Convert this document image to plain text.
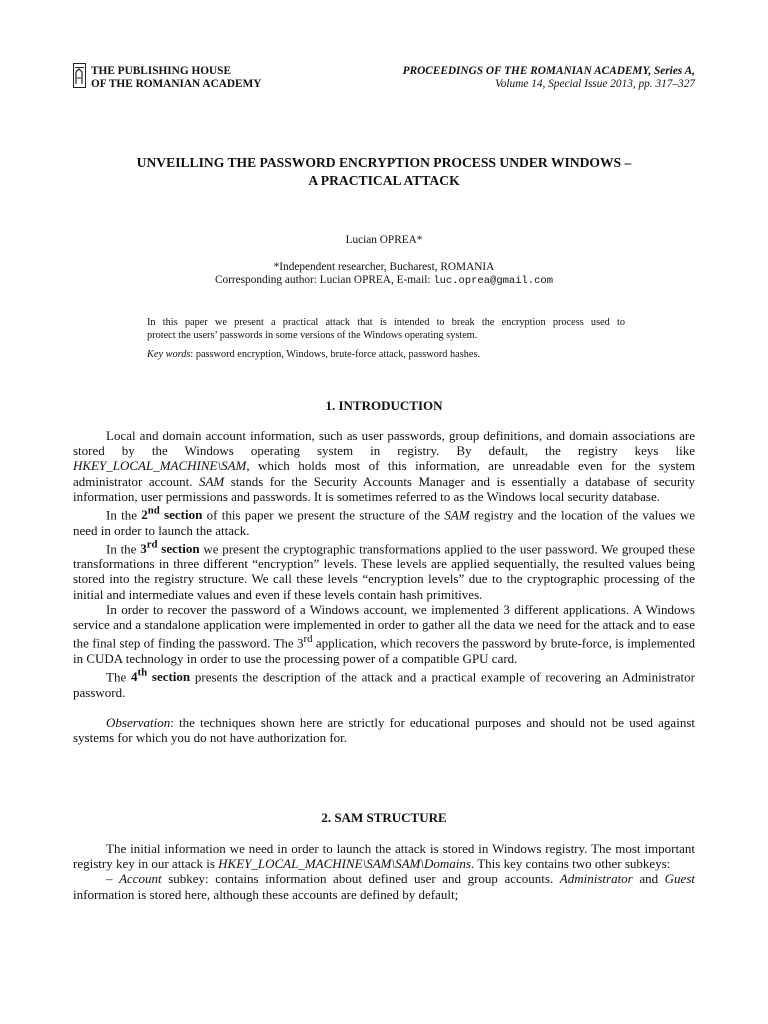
THE PUBLISHING HOUSE
OF THE ROMANIAN ACADEMY
PROCEEDINGS OF THE ROMANIAN ACADEMY, Series A,
Volume 14, Special Issue 2013, pp. 317–327
UNVEILLING THE PASSWORD ENCRYPTION PROCESS UNDER WINDOWS –
A PRACTICAL ATTACK
Lucian OPREA*
*Independent researcher, Bucharest, ROMANIA
Corresponding author: Lucian OPREA, E-mail: luc.oprea@gmail.com
In this paper we present a practical attack that is intended to break the encryption process used to
protect the users’ passwords in some versions of the Windows operating system.
Key words: password encryption, Windows, brute-force attack, password hashes.
1. INTRODUCTION

Local and domain account information, such as user passwords, group definitions, and domain associations are stored by the Windows operating system in registry. By default, the registry keys like HKEY_LOCAL_MACHINE\SAM, which holds most of this information, are unreadable even for the system administrator account. SAM stands for the Security Accounts Manager and is essentially a database of security information, user permissions and passwords. It is sometimes referred to as the Windows local security database.

In the 2nd section of this paper we present the structure of the SAM registry and the location of the values we need in order to launch the attack.

In the 3rd section we present the cryptographic transformations applied to the user password. We grouped these transformations in three different “encryption” levels. These levels are applied sequentially, the resulted values being stored into the registry structure. We call these levels “encryption levels” due to the cryptographic processing of the initial and intermediate values and even if these levels contain hash primitives.

In order to recover the password of a Windows account, we implemented 3 different applications. A Windows service and a standalone application were implemented in order to gather all the data we need for the attack and to ease the final step of finding the password. The 3rd application, which recovers the password by brute-force, is implemented in CUDA technology in order to use the processing power of a compatible GPU card.

The 4th section presents the description of the attack and a practical example of recovering an Administrator password.

Observation: the techniques shown here are strictly for educational purposes and should not be used against systems for which you do not have authorization for.

2. SAM STRUCTURE

The initial information we need in order to launch the attack is stored in Windows registry. The most important registry key in our attack is HKEY_LOCAL_MACHINE\SAM\SAM\Domains. This key contains two other subkeys:

– Account subkey: contains information about defined user and group accounts. Administrator and Guest information is stored here, although these accounts are defined by default;
